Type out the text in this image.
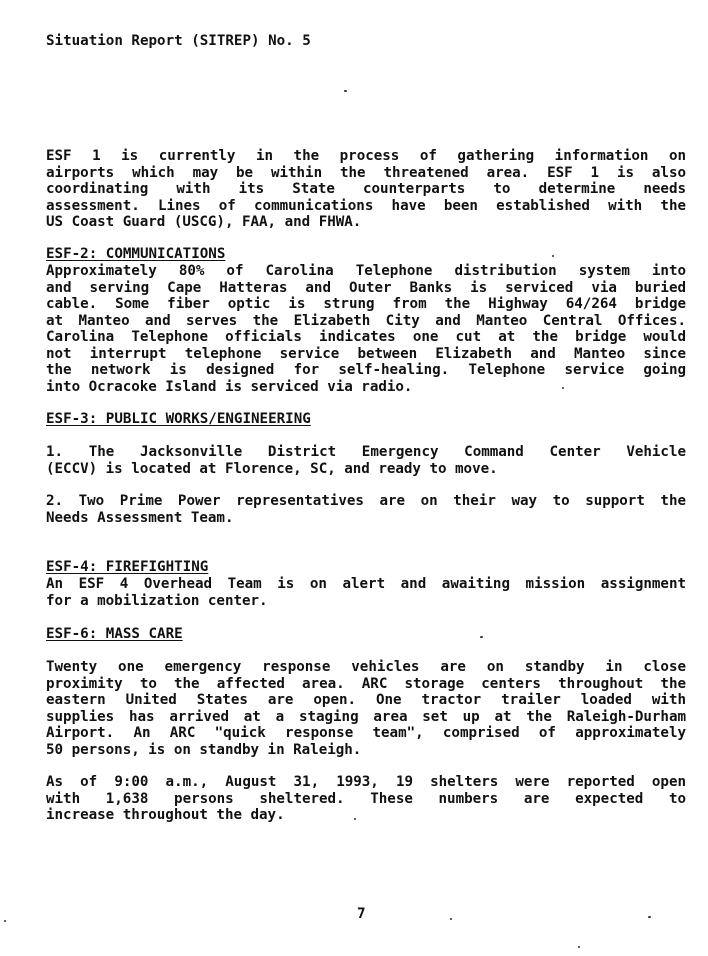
Situation Report (SITREP) No. 5
ESF 1 is currently in the process of gathering information on
airports which may be within the threatened area. ESF 1 is also
coordinating with its State counterparts to determine needs
assessment. Lines of communications have been established with the
US Coast Guard (USCG), FAA, and FHWA.
ESF-2: COMMUNICATIONS
Approximately 80% of Carolina Telephone distribution system into
and serving Cape Hatteras and Outer Banks is serviced via buried
cable. Some fiber optic is strung from the Highway 64/264 bridge
at Manteo and serves the Elizabeth City and Manteo Central Offices.
Carolina Telephone officials indicates one cut at the bridge would
not interrupt telephone service between Elizabeth and Manteo since
the network is designed for self-healing. Telephone service going
into Ocracoke Island is serviced via radio.
ESF-3: PUBLIC WORKS/ENGINEERING
1. The Jacksonville District Emergency Command Center Vehicle
(ECCV) is located at Florence, SC, and ready to move.
2. Two Prime Power representatives are on their way to support the
Needs Assessment Team.
ESF-4: FIREFIGHTING
An ESF 4 Overhead Team is on alert and awaiting mission assignment
for a mobilization center.
ESF-6: MASS CARE
Twenty one emergency response vehicles are on standby in close
proximity to the affected area. ARC storage centers throughout the
eastern United States are open. One tractor trailer loaded with
supplies has arrived at a staging area set up at the Raleigh-Durham
Airport. An ARC "quick response team", comprised of approximately
50 persons, is on standby in Raleigh.
As of 9:00 a.m., August 31, 1993, 19 shelters were reported open
with 1,638 persons sheltered. These numbers are expected to
increase throughout the day.
7
